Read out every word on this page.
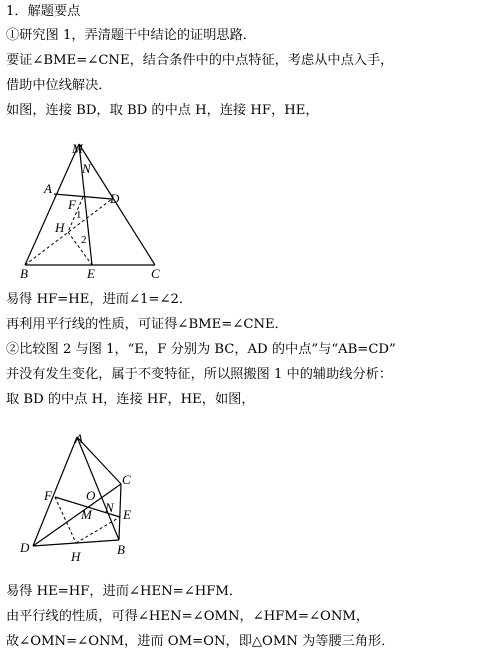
1．解题要点
①研究图 1，弄清题干中结论的证明思路．
要证∠BME=∠CNE，结合条件中的中点特征，考虑从中点入手，
借助中位线解决．
如图，连接 BD，取 BD 的中点 H，连接 HF，HE，
M
N
A
D
F
1
H
2
B	E	C
易得 HF=HE，进而∠1=∠2．
再利用平行线的性质，可证得∠BME=∠CNE．
②比较图 2 与图 1，“E，F 分别为 BC，AD 的中点”与“AB=CD”
并没有发生变化，属于不变特征，所以照搬图 1 中的辅助线分析：
取 BD 的中点 H，连接 HF，HE，如图，
A
C
F	O
N
M E
D
H	B
易得 HE=HF，进而∠HEN=∠HFM．
由平行线的性质，可得∠HEN=∠OMN，∠HFM=∠ONM，
故∠OMN=∠ONM，进而 OM=ON，即△OMN 为等腰三角形．
